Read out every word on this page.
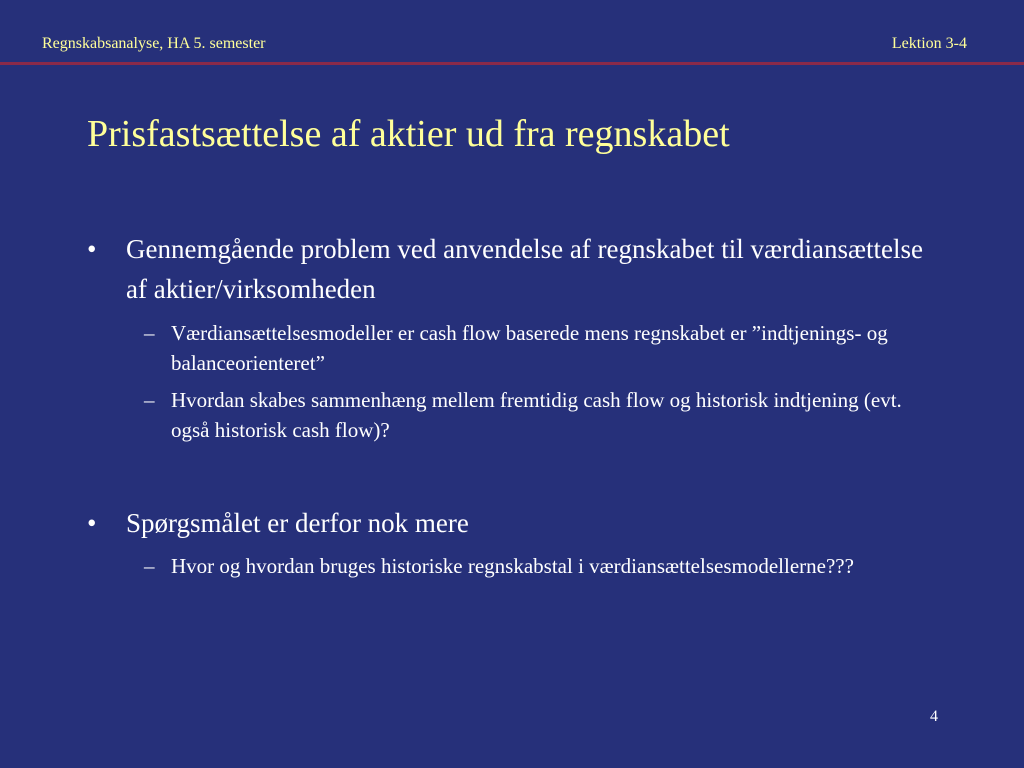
Regnskabsanalyse, HA 5. semester	Lektion 3-4
Prisfastsættelse af aktier ud fra regnskabet
• Gennemgående problem ved anvendelse af regnskabet til værdiansættelse af aktier/virksomheden
– Værdiansættelsesmodeller er cash flow baserede mens regnskabet er ”indtjenings- og balanceorienteret”
– Hvordan skabes sammenhæng mellem fremtidig cash flow og historisk indtjening (evt. også historisk cash flow)?
• Spørgsmålet er derfor nok mere
– Hvor og hvordan bruges historiske regnskabstal i værdiansættelsesmodellerne???
4
